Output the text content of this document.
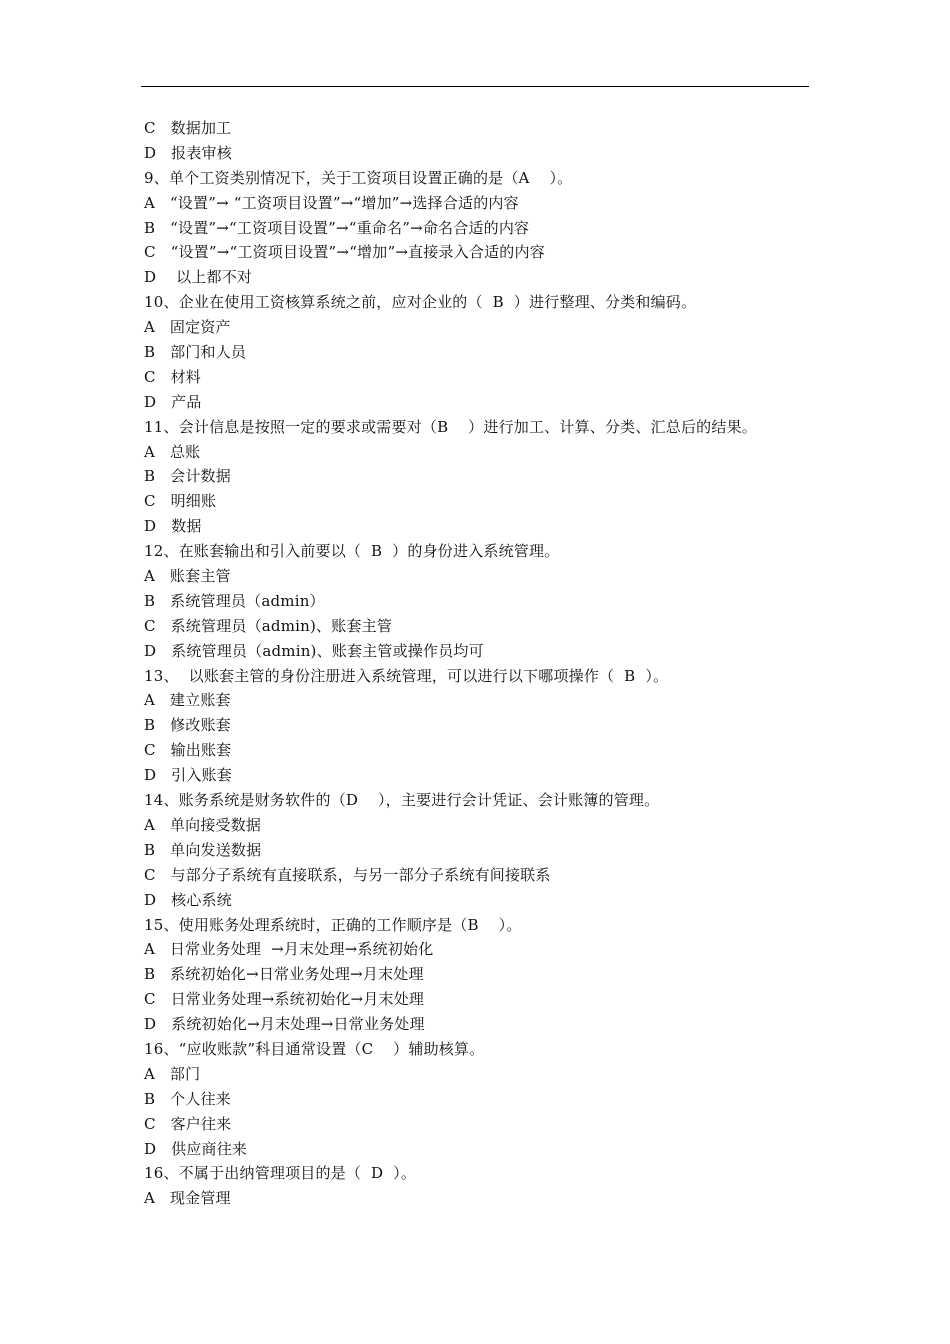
C   数据加工
D   报表审核
9、单个工资类别情况下，关于工资项目设置正确的是（A    ）。
A   “设置”→ “工资项目设置”→“增加”→选择合适的内容
B   “设置”→“工资项目设置”→“重命名”→命名合适的内容
C   “设置”→“工资项目设置”→“增加”→直接录入合适的内容
D    以上都不对
10、企业在使用工资核算系统之前，应对企业的（  B  ）进行整理、分类和编码。
A   固定资产
B   部门和人员
C   材料
D   产品
11、会计信息是按照一定的要求或需要对（B    ）进行加工、计算、分类、汇总后的结果。
A   总账
B   会计数据
C   明细账
D   数据
12、在账套输出和引入前要以（  B  ）的身份进入系统管理。
A   账套主管
B   系统管理员（admin）
C   系统管理员（admin)、账套主管
D   系统管理员（admin)、账套主管或操作员均可
13、  以账套主管的身份注册进入系统管理，可以进行以下哪项操作（  B  ）。
A   建立账套
B   修改账套
C   输出账套
D   引入账套
14、账务系统是财务软件的（D    ），主要进行会计凭证、会计账簿的管理。
A   单向接受数据
B   单向发送数据
C   与部分子系统有直接联系，与另一部分子系统有间接联系
D   核心系统
15、使用账务处理系统时，正确的工作顺序是（B    ）。
A   日常业务处理  →月末处理→系统初始化
B   系统初始化→日常业务处理→月末处理
C   日常业务处理→系统初始化→月末处理
D   系统初始化→月末处理→日常业务处理
16、“应收账款”科目通常设置（C    ）辅助核算。
A   部门
B   个人往来
C   客户往来
D   供应商往来
16、不属于出纳管理项目的是（  D  ）。
A   现金管理
